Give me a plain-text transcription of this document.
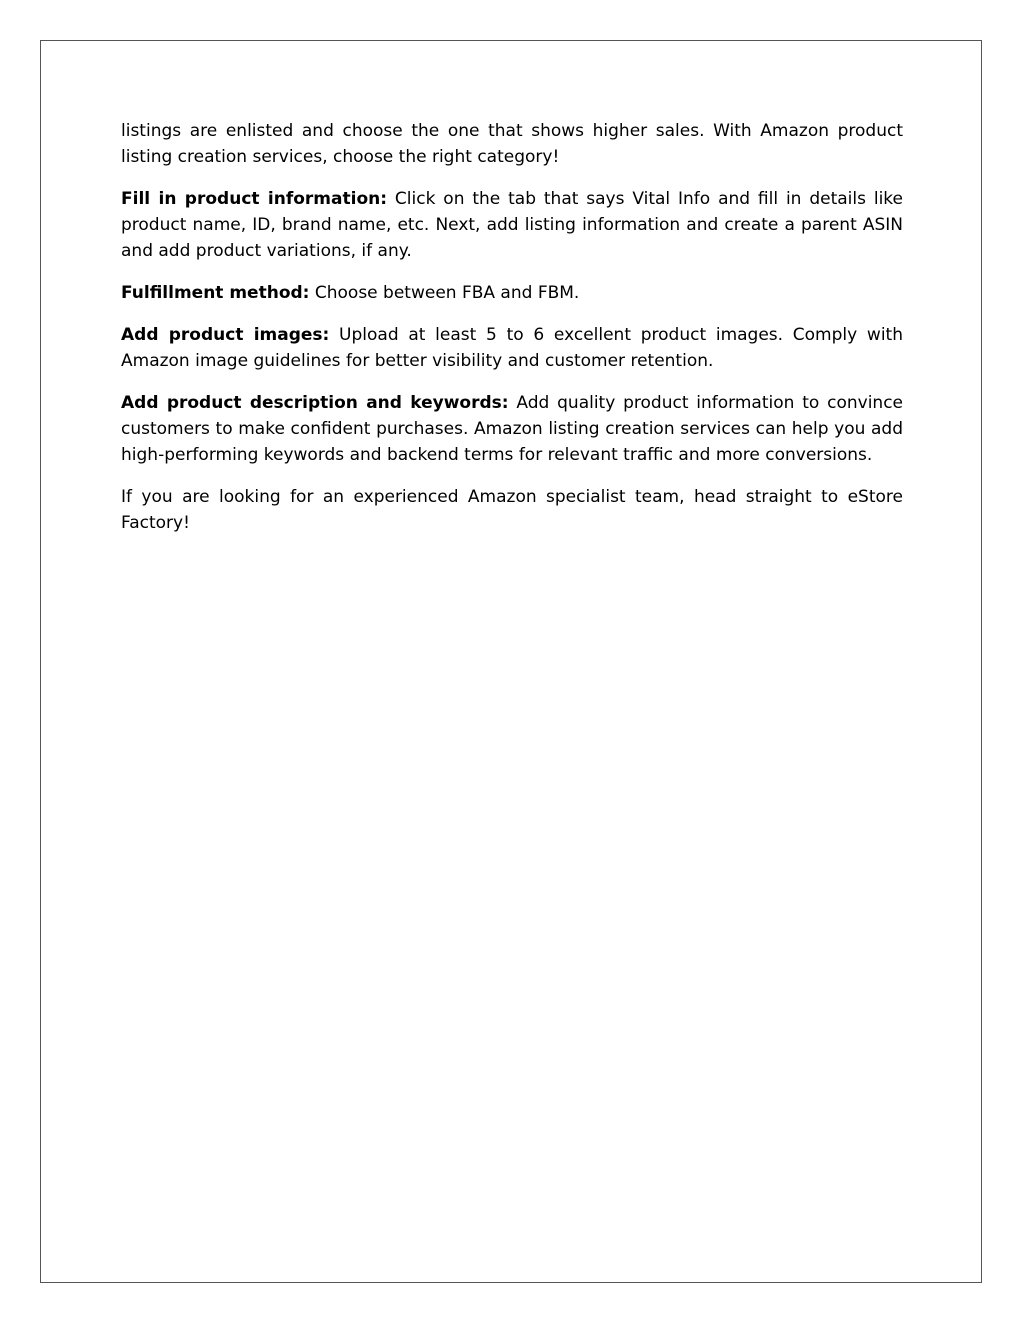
listings are enlisted and choose the one that shows higher sales. With Amazon product listing creation services, choose the right category!

Fill in product information: Click on the tab that says Vital Info and fill in details like product name, ID, brand name, etc. Next, add listing information and create a parent ASIN and add product variations, if any.

Fulfillment method: Choose between FBA and FBM.

Add product images: Upload at least 5 to 6 excellent product images. Comply with Amazon image guidelines for better visibility and customer retention.

Add product description and keywords: Add quality product information to convince customers to make confident purchases. Amazon listing creation services can help you add high-performing keywords and backend terms for relevant traffic and more conversions.

If you are looking for an experienced Amazon specialist team, head straight to eStore Factory!
